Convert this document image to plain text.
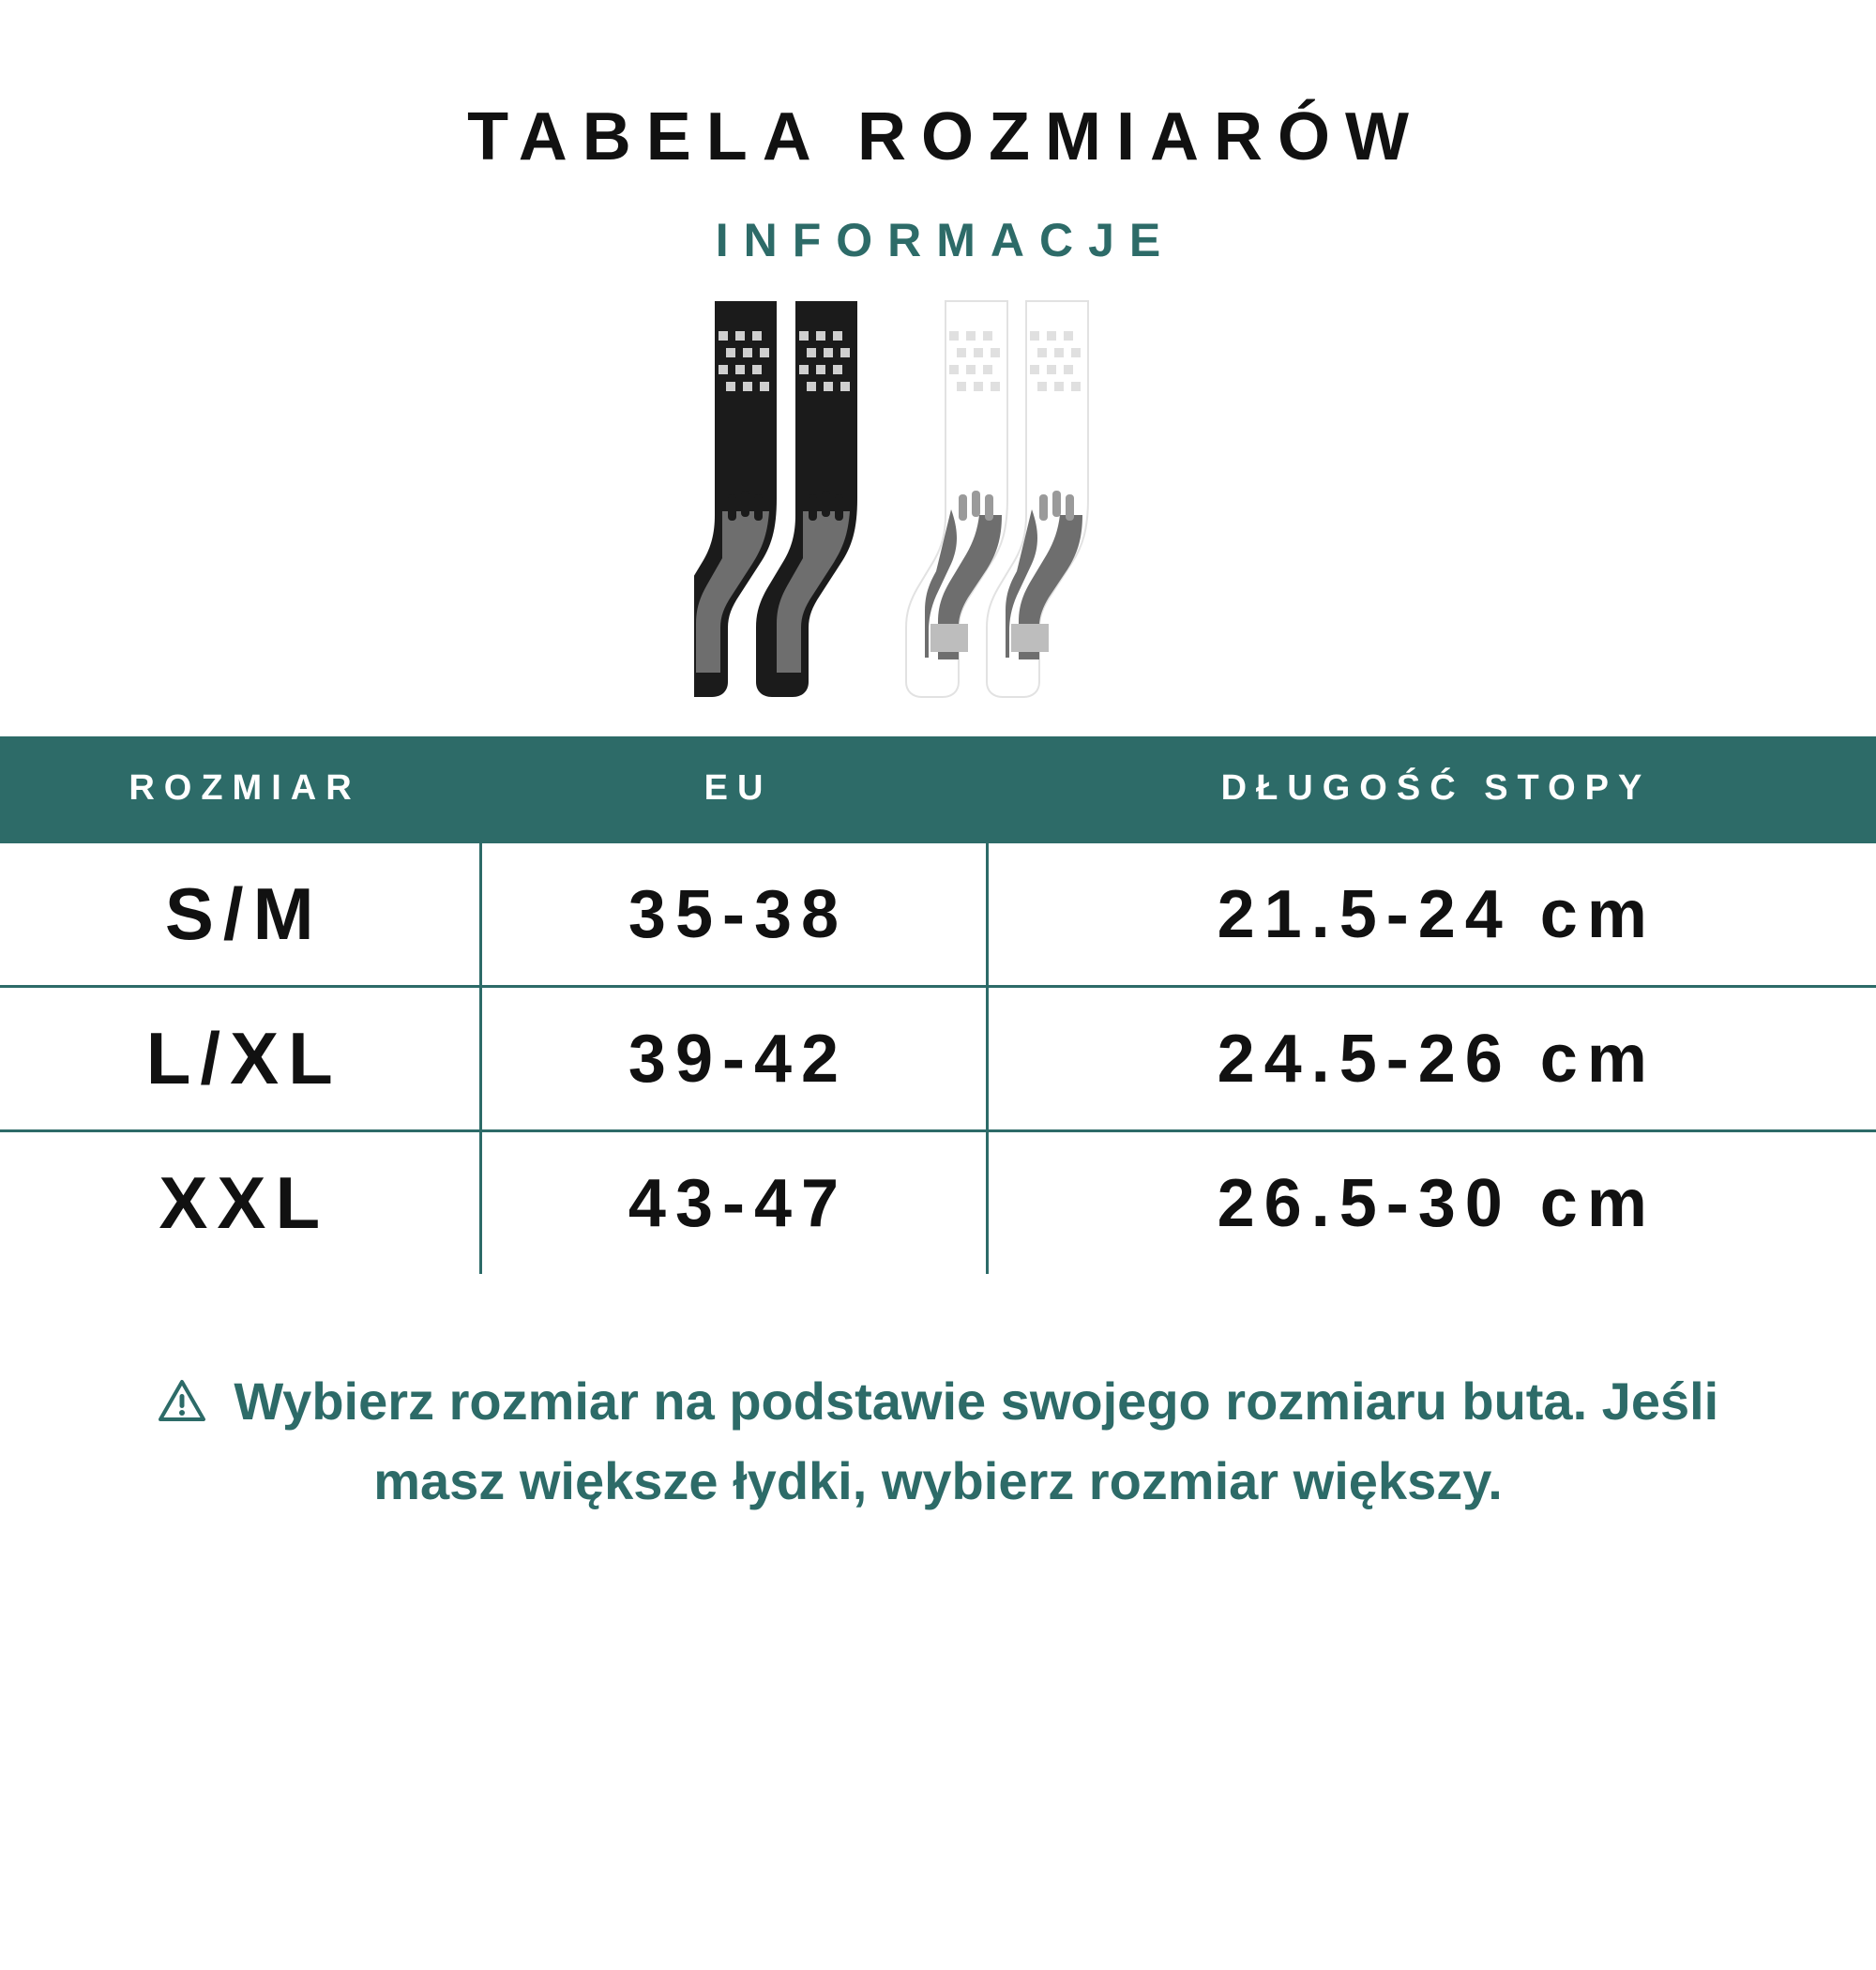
TABELA ROZMIARÓW
INFORMACJE
ROZMIAR	EU	DŁUGOŚĆ STOPY
S/M	35-38	21.5-24 cm
L/XL	39-42	24.5-26 cm
XXL	43-47	26.5-30 cm

Wybierz rozmiar na podstawie swojego rozmiaru buta. Jeśli masz większe łydki, wybierz rozmiar większy.
